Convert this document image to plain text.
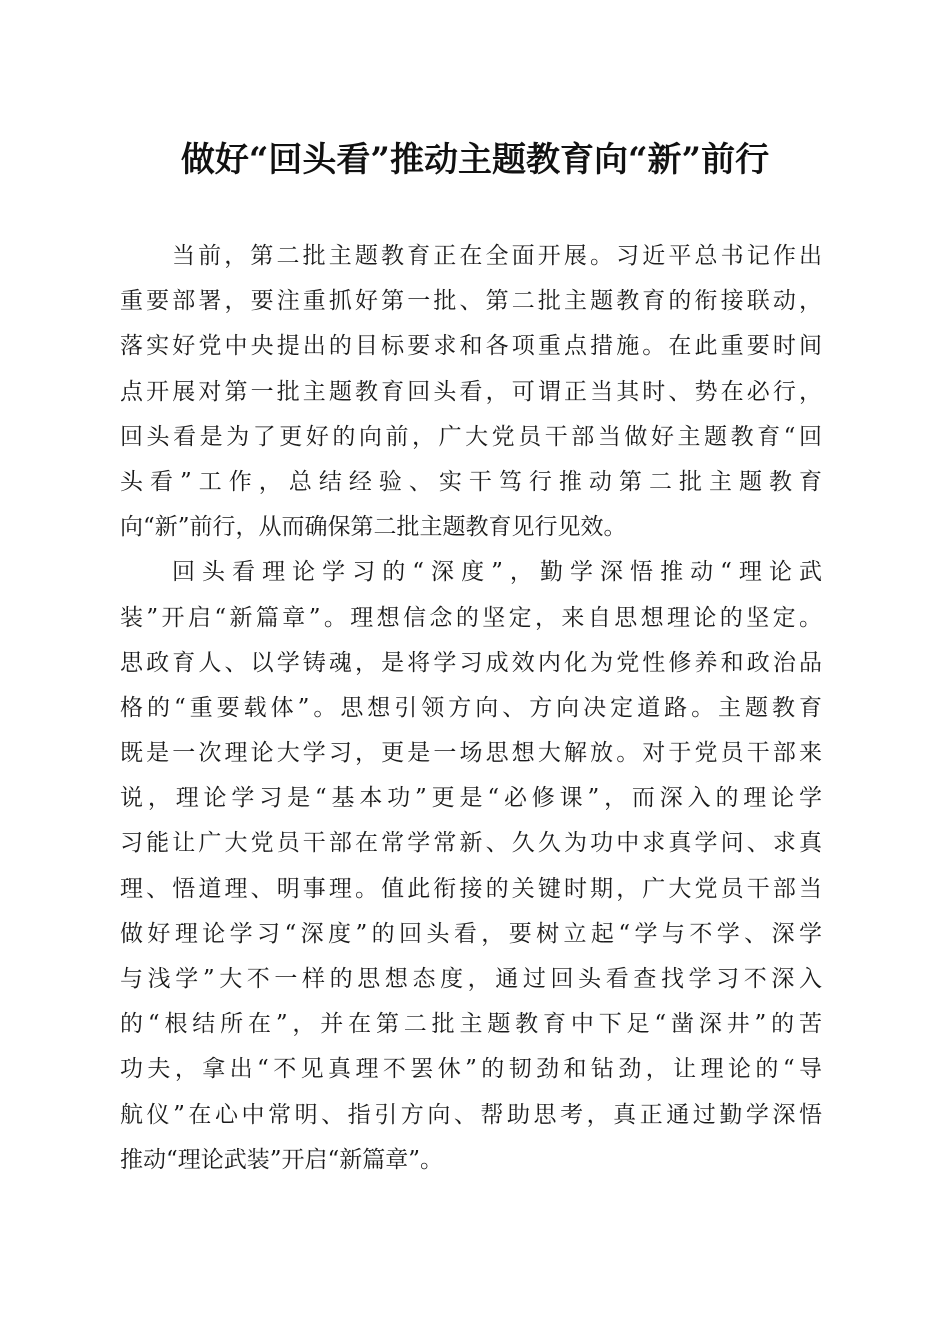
做好“回头看”推动主题教育向“新”前行
当前，第二批主题教育正在全面开展。习近平总书记作出
重要部署，要注重抓好第一批、第二批主题教育的衔接联动，
落实好党中央提出的目标要求和各项重点措施。在此重要时间
点开展对第一批主题教育回头看，可谓正当其时、势在必行，
回头看是为了更好的向前，广大党员干部当做好主题教育“回
头看”工作，总结经验、实干笃行推动第二批主题教育
向“新”前行，从而确保第二批主题教育见行见效。
回头看理论学习的“深度”，勤学深悟推动“理论武
装”开启“新篇章”。理想信念的坚定，来自思想理论的坚定。
思政育人、以学铸魂，是将学习成效内化为党性修养和政治品
格的“重要载体”。思想引领方向、方向决定道路。主题教育
既是一次理论大学习，更是一场思想大解放。对于党员干部来
说，理论学习是“基本功”更是“必修课”，而深入的理论学
习能让广大党员干部在常学常新、久久为功中求真学问、求真
理、悟道理、明事理。值此衔接的关键时期，广大党员干部当
做好理论学习“深度”的回头看，要树立起“学与不学、深学
与浅学”大不一样的思想态度，通过回头看查找学习不深入
的“根结所在”，并在第二批主题教育中下足“凿深井”的苦
功夫，拿出“不见真理不罢休”的韧劲和钻劲，让理论的“导
航仪”在心中常明、指引方向、帮助思考，真正通过勤学深悟
推动“理论武装”开启“新篇章”。
